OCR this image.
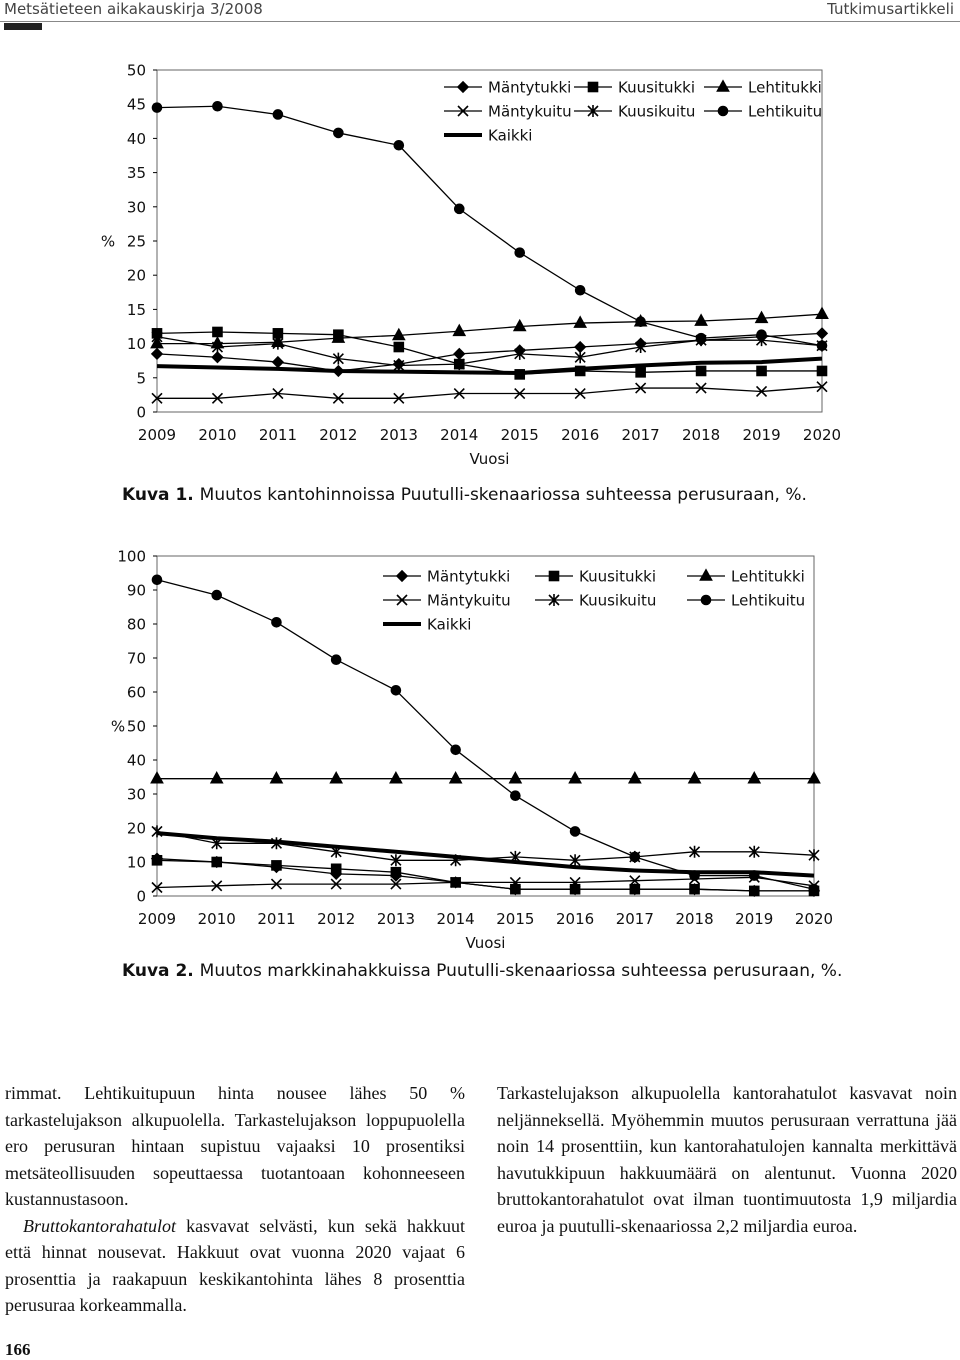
Metsätieteen aikakauskirja 3/2008	Tutkimusartikkeli
0
5
10
15
20
25
30
35
40
45
50
%
2009 2010 2011 2012 2013 2014 2015 2016 2017 2018 2019 2020
Vuosi
Mäntytukki	Kuusitukki	Lehtitukki
Mäntykuitu	Kuusikuitu	Lehtikuitu
Kaikki
Kuva 1. Muutos kantohinnoissa Puutulli-skenaariossa suhteessa perusuraan, %.
0
10
20
30
40
50
60
70
80
90
100
%
2009 2010 2011 2012 2013 2014 2015 2016 2017 2018 2019 2020
Vuosi
Mäntytukki	Kuusitukki	Lehtitukki
Mäntykuitu	Kuusikuitu	Lehtikuitu
Kaikki
Kuva 2. Muutos markkinahakkuissa Puutulli-skenaariossa suhteessa perusuraan, %.

rimmat. Lehtikuitupuun hinta nousee lähes 50 % tarkastelujakson alkupuolella. Tarkastelujakson loppupuolella ero perusuran hintaan supistuu vajaaksi 10 prosentiksi metsäteollisuuden sopeuttaessa tuotantoaan kohonneeseen kustannustasoon.

Bruttokantorahatulot kasvavat selvästi, kun sekä hakkuut että hinnat nousevat. Hakkuut ovat vuonna 2020 vajaat 6 prosenttia ja raakapuun keskikantohinta lähes 8 prosenttia perusuraa korkeammalla.

Tarkastelujakson alkupuolella kantorahatulot kasvavat noin neljänneksellä. Myöhemmin muutos perusuraan verrattuna jää noin 14 prosenttiin, kun kantorahatulojen kannalta merkittävä havutukkipuun hakkuumäärä on alentunut. Vuonna 2020 bruttokantorahatulot ovat ilman tuontimuutosta 1,9 miljardia euroa ja puutulli-skenaariossa 2,2 miljardia euroa.

166
